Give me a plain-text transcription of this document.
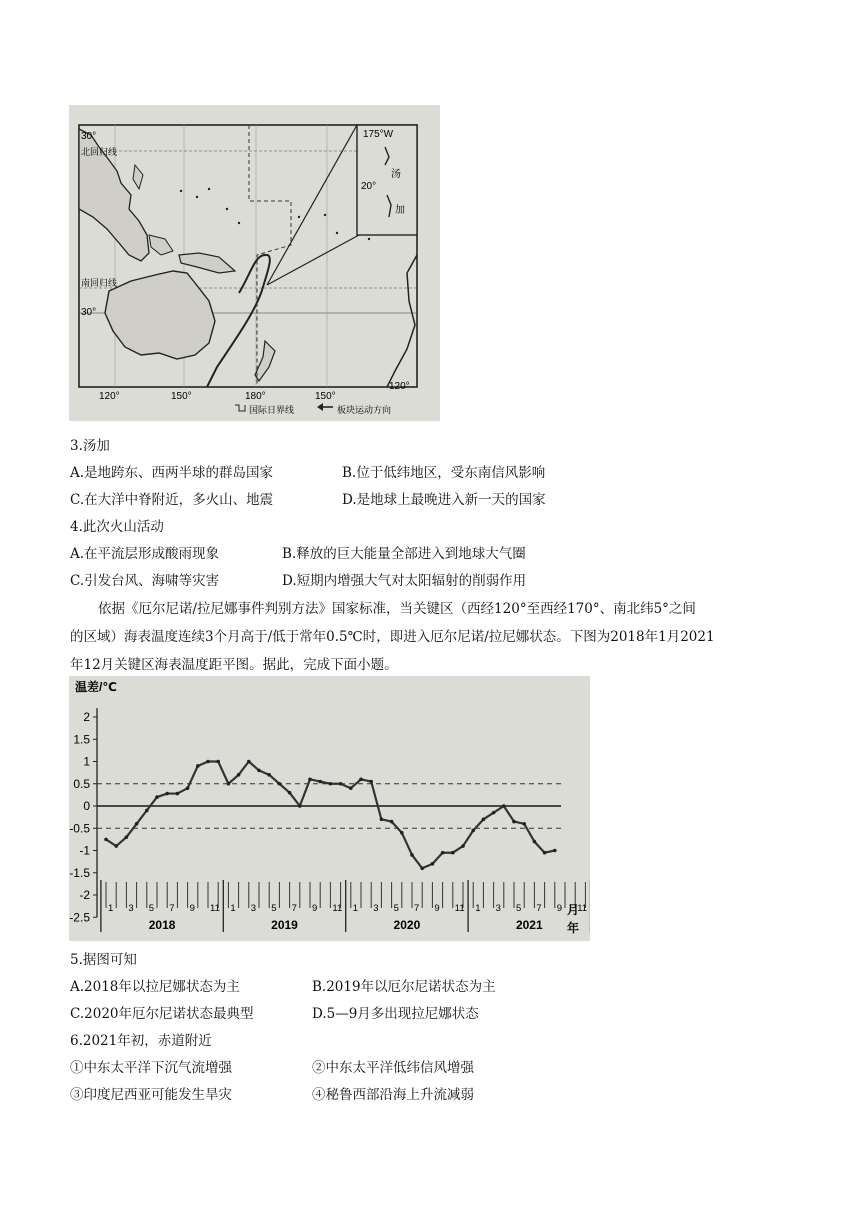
30°
北回归线
南回归线
30°
120°	150°	180°	150°
120°
175°W
20°
汤
加
国际日界线	板块运动方向
3.汤加
A.是地跨东、西两半球的群岛国家	B.位于低纬地区，受东南信风影响
C.在大洋中脊附近，多火山、地震	D.是地球上最晚进入新一天的国家
4.此次火山活动
A.在平流层形成酸雨现象	B.释放的巨大能量全部进入到地球大气圈
C.引发台风、海啸等灾害	D.短期内增强大气对太阳辐射的削弱作用
依据《厄尔尼诺/拉尼娜事件判别方法》国家标准，当关键区（西经120°至西经170°、南北纬5°之间
的区域）海表温度连续3个月高于/低于常年0.5℃时，即进入厄尔尼诺/拉尼娜状态。下图为2018年1月2021
年12月关键区海表温度距平图。据此，完成下面小题。
温差/℃
2
1.5
1
0.5
0
-0.5
-1
-1.5
-2
-2.5
1 3 5 7 9 11 1 3 5 7 9 11 1 3 5 7 9 11 1 3 5 7 9 11
2018	2019	2020	2021
月
年
5.据图可知
A.2018年以拉尼娜状态为主	B.2019年以厄尔尼诺状态为主
C.2020年厄尔尼诺状态最典型	D.5—9月多出现拉尼娜状态
6.2021年初，赤道附近
①中东太平洋下沉气流增强	②中东太平洋低纬信风增强
③印度尼西亚可能发生旱灾	④秘鲁西部沿海上升流减弱
